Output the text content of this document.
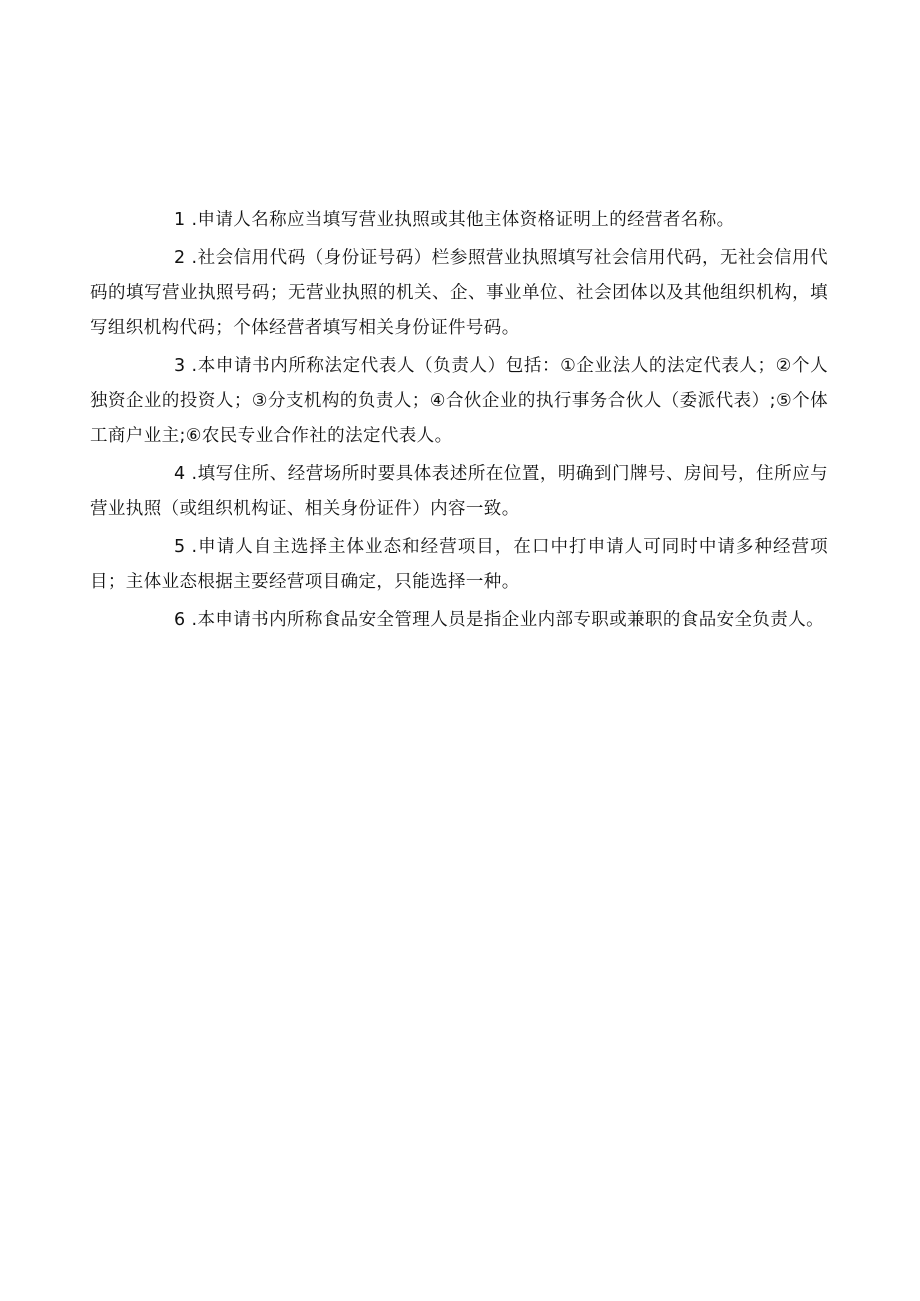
1 .申请人名称应当填写营业执照或其他主体资格证明上的经营者名称。

2 .社会信用代码（身份证号码）栏参照营业执照填写社会信用代码，无社会信用代码的填写营业执照号码；无营业执照的机关、企、事业单位、社会团体以及其他组织机构，填写组织机构代码；个体经营者填写相关身份证件号码。

3 .本申请书内所称法定代表人（负责人）包括：①企业法人的法定代表人；②个人独资企业的投资人；③分支机构的负责人；④合伙企业的执行事务合伙人（委派代表）;⑤个体工商户业主;⑥农民专业合作社的法定代表人。

4 .填写住所、经营场所时要具体表述所在位置，明确到门牌号、房间号，住所应与营业执照（或组织机构证、相关身份证件）内容一致。

5 .申请人自主选择主体业态和经营项目，在口中打申请人可同时中请多种经营项目；主体业态根据主要经营项目确定，只能选择一种。

6 .本申请书内所称食品安全管理人员是指企业内部专职或兼职的食品安全负责人。
